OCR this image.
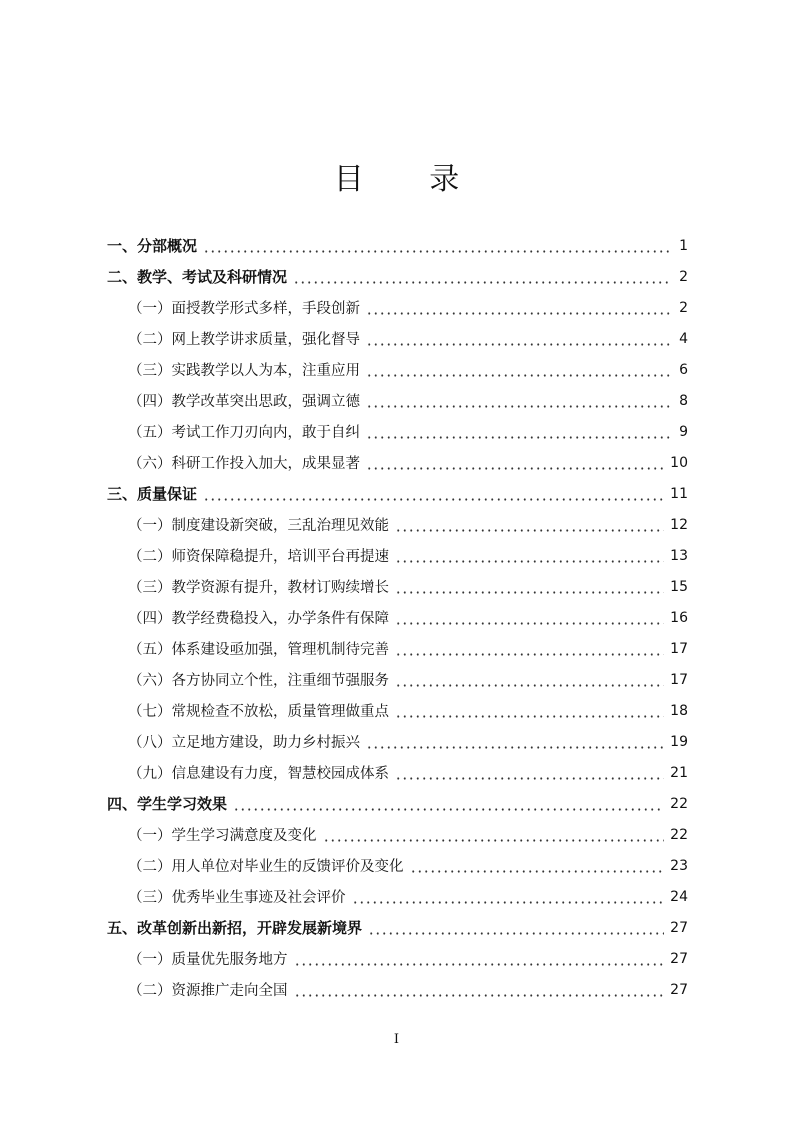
目 录
一、分部概况	1
二、教学、考试及科研情况	2
（一）面授教学形式多样，手段创新	2
（二）网上教学讲求质量，强化督导	4
（三）实践教学以人为本，注重应用	6
（四）教学改革突出思政，强调立德	8
（五）考试工作刀刃向内，敢于自纠	9
（六）科研工作投入加大，成果显著	10
三、质量保证	11
（一）制度建设新突破，三乱治理见效能	12
（二）师资保障稳提升，培训平台再提速	13
（三）教学资源有提升，教材订购续增长	15
（四）教学经费稳投入，办学条件有保障	16
（五）体系建设亟加强，管理机制待完善	17
（六）各方协同立个性，注重细节强服务	17
（七）常规检查不放松，质量管理做重点	18
（八）立足地方建设，助力乡村振兴	19
（九）信息建设有力度，智慧校园成体系	21
四、学生学习效果	22
（一）学生学习满意度及变化	22
（二）用人单位对毕业生的反馈评价及变化	23
（三）优秀毕业生事迹及社会评价	24
五、改革创新出新招，开辟发展新境界	27
（一）质量优先服务地方	27
（二）资源推广走向全国	27
I
